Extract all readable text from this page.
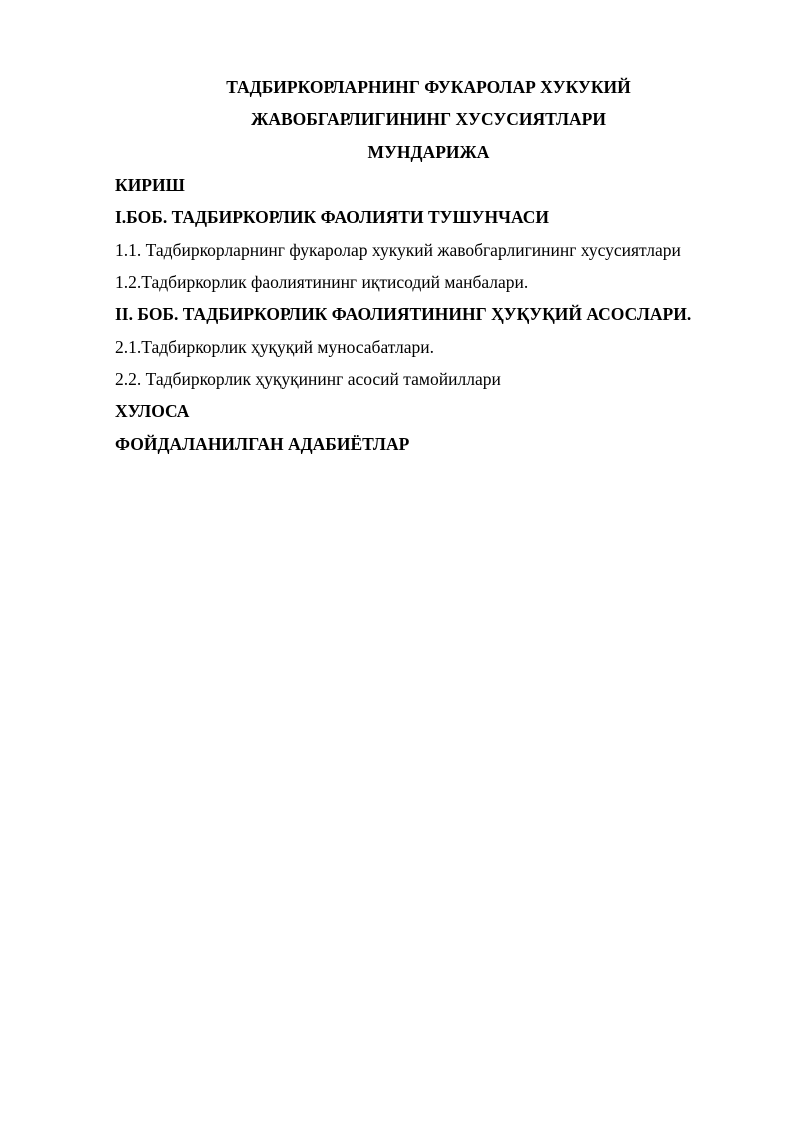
ТАДБИРКОРЛАРНИНГ ФУКАРОЛАР ХУКУКИЙ
ЖАВОБГАРЛИГИНИНГ ХУСУСИЯТЛАРИ
МУНДАРИЖА
КИРИШ
I.БОБ. ТАДБИРКОРЛИК ФАОЛИЯТИ ТУШУНЧАСИ
1.1. Тадбиркорларнинг фукаролар хукукий жавобгарлигининг хусусиятлари
1.2.Тадбиркорлик фаолиятининг иқтисодий манбалари.
II. БОБ. ТАДБИРКОРЛИК ФАОЛИЯТИНИНГ ҲУҚУҚИЙ АСОСЛАРИ.
2.1.Тадбиркорлик ҳуқуқий муносабатлари.
2.2. Тадбиркорлик ҳуқуқининг асосий тамойиллари
ХУЛОСА
ФОЙДАЛАНИЛГАН АДАБИЁТЛАР
